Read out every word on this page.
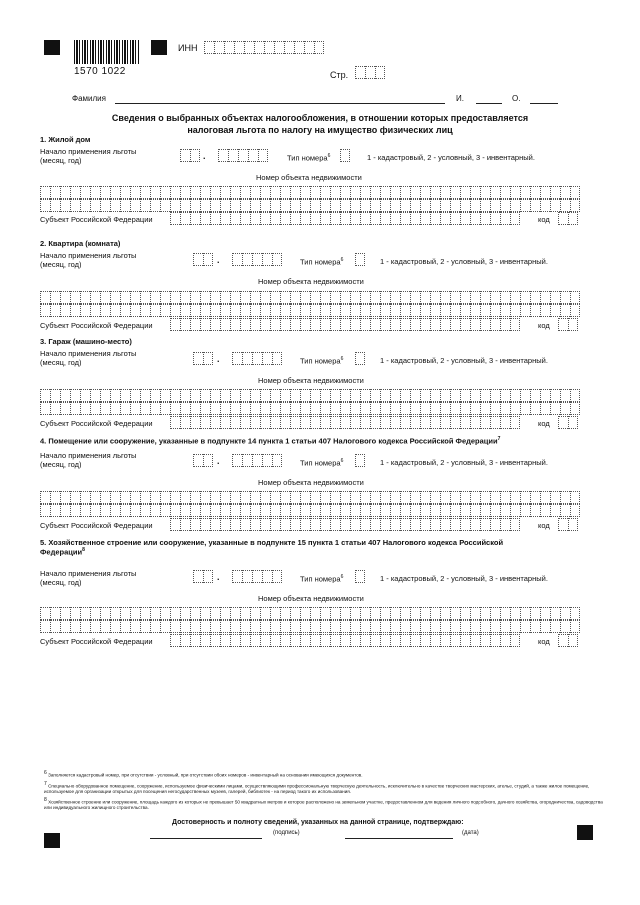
1570 1022
ИНН
Стр.
Фамилия	И.	О.
Сведения о выбранных объектах налогообложения, в отношении которых предоставляется налоговая льгота по налогу на имущество физических лиц
1. Жилой дом
Начало применения льготы
(месяц, год)	.	Тип номера$^6$	1 - кадастровый, 2 - условный, 3 - инвентарный.
Номер объекта недвижимости
Субъект Российской Федерации	код
2. Квартира (комната)
Начало применения льготы
(месяц, год)	.	Тип номера$^6$	1 - кадастровый, 2 - условный, 3 - инвентарный.
Номер объекта недвижимости
Субъект Российской Федерации	код
3. Гараж (машино-место)
Начало применения льготы
(месяц, год)	.	Тип номера$^6$	1 - кадастровый, 2 - условный, 3 - инвентарный.
Номер объекта недвижимости
Субъект Российской Федерации	код
4. Помещение или сооружение, указанные в подпункте 14 пункта 1 статьи 407 Налогового кодекса Российской Федерации$^7$
Начало применения льготы
(месяц, год)	.	Тип номера$^6$	1 - кадастровый, 2 - условный, 3 - инвентарный.
Номер объекта недвижимости
Субъект Российской Федерации	код
5. Хозяйственное строение или сооружение, указанные в подпункте 15 пункта 1 статьи 407 Налогового кодекса Российской
Федерации$^8$
Начало применения льготы
(месяц, год)
.	Тип номера$^6$	1 - кадастровый, 2 - условный, 3 - инвентарный.
Номер объекта недвижимости
Субъект Российской Федерации	код
6 Заполняется кадастровый номер, при отсутствии - условный, при отсутствии обоих номеров - инвентарный на основании имеющихся документов.
7 Специально оборудованное помещение, сооружение, используемое физическими лицами, осуществляющими профессиональную творческую деятельность, исключительно в качестве творческих мастерских, ателье, студий, а также жилое помещение, используемое для организации открытых для посещения негосударственных музеев, галерей, библиотек - на период такого их использования.
8 Хозяйственное строение или сооружение, площадь каждого из которых не превышает 50 квадратных метров и которое расположено на земельном участке, предоставленном для ведения личного подсобного, дачного хозяйства, огородничества, садоводства или индивидуального жилищного строительства.
Достоверность и полноту сведений, указанных на данной странице, подтверждаю:
(подпись)	(дата)
